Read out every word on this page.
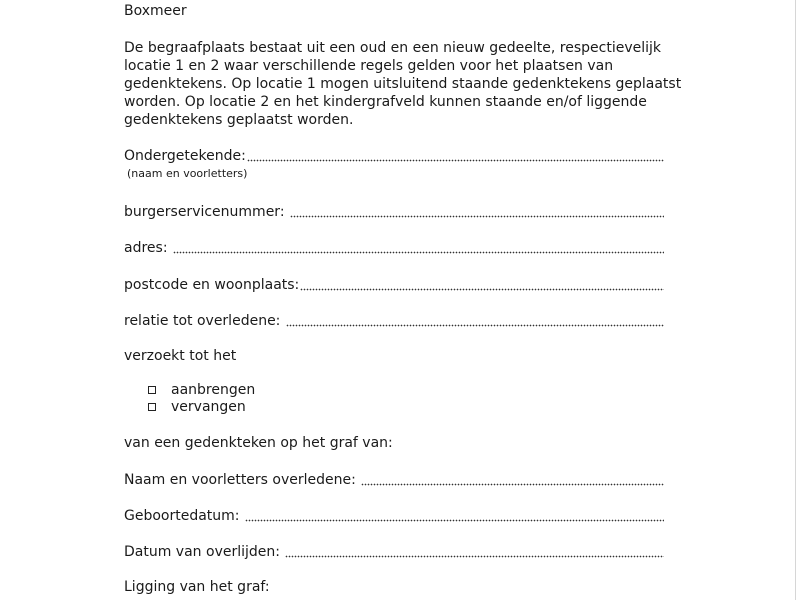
Boxmeer

De begraafplaats bestaat uit een oud en een nieuw gedeelte, respectievelijk locatie 1 en 2 waar verschillende regels gelden voor het plaatsen van gedenktekens. Op locatie 1 mogen uitsluitend staande gedenktekens geplaatst worden. Op locatie 2 en het kindergrafveld kunnen staande en/of liggende gedenktekens geplaatst worden.

Ondergetekende:
(naam en voorletters)
burgerservicenummer:
adres:
postcode en woonplaats:
relatie tot overledene:
verzoekt tot het
aanbrengen
vervangen
van een gedenkteken op het graf van:
Naam en voorletters overledene:
Geboortedatum:
Datum van overlijden:
Ligging van het graf:
